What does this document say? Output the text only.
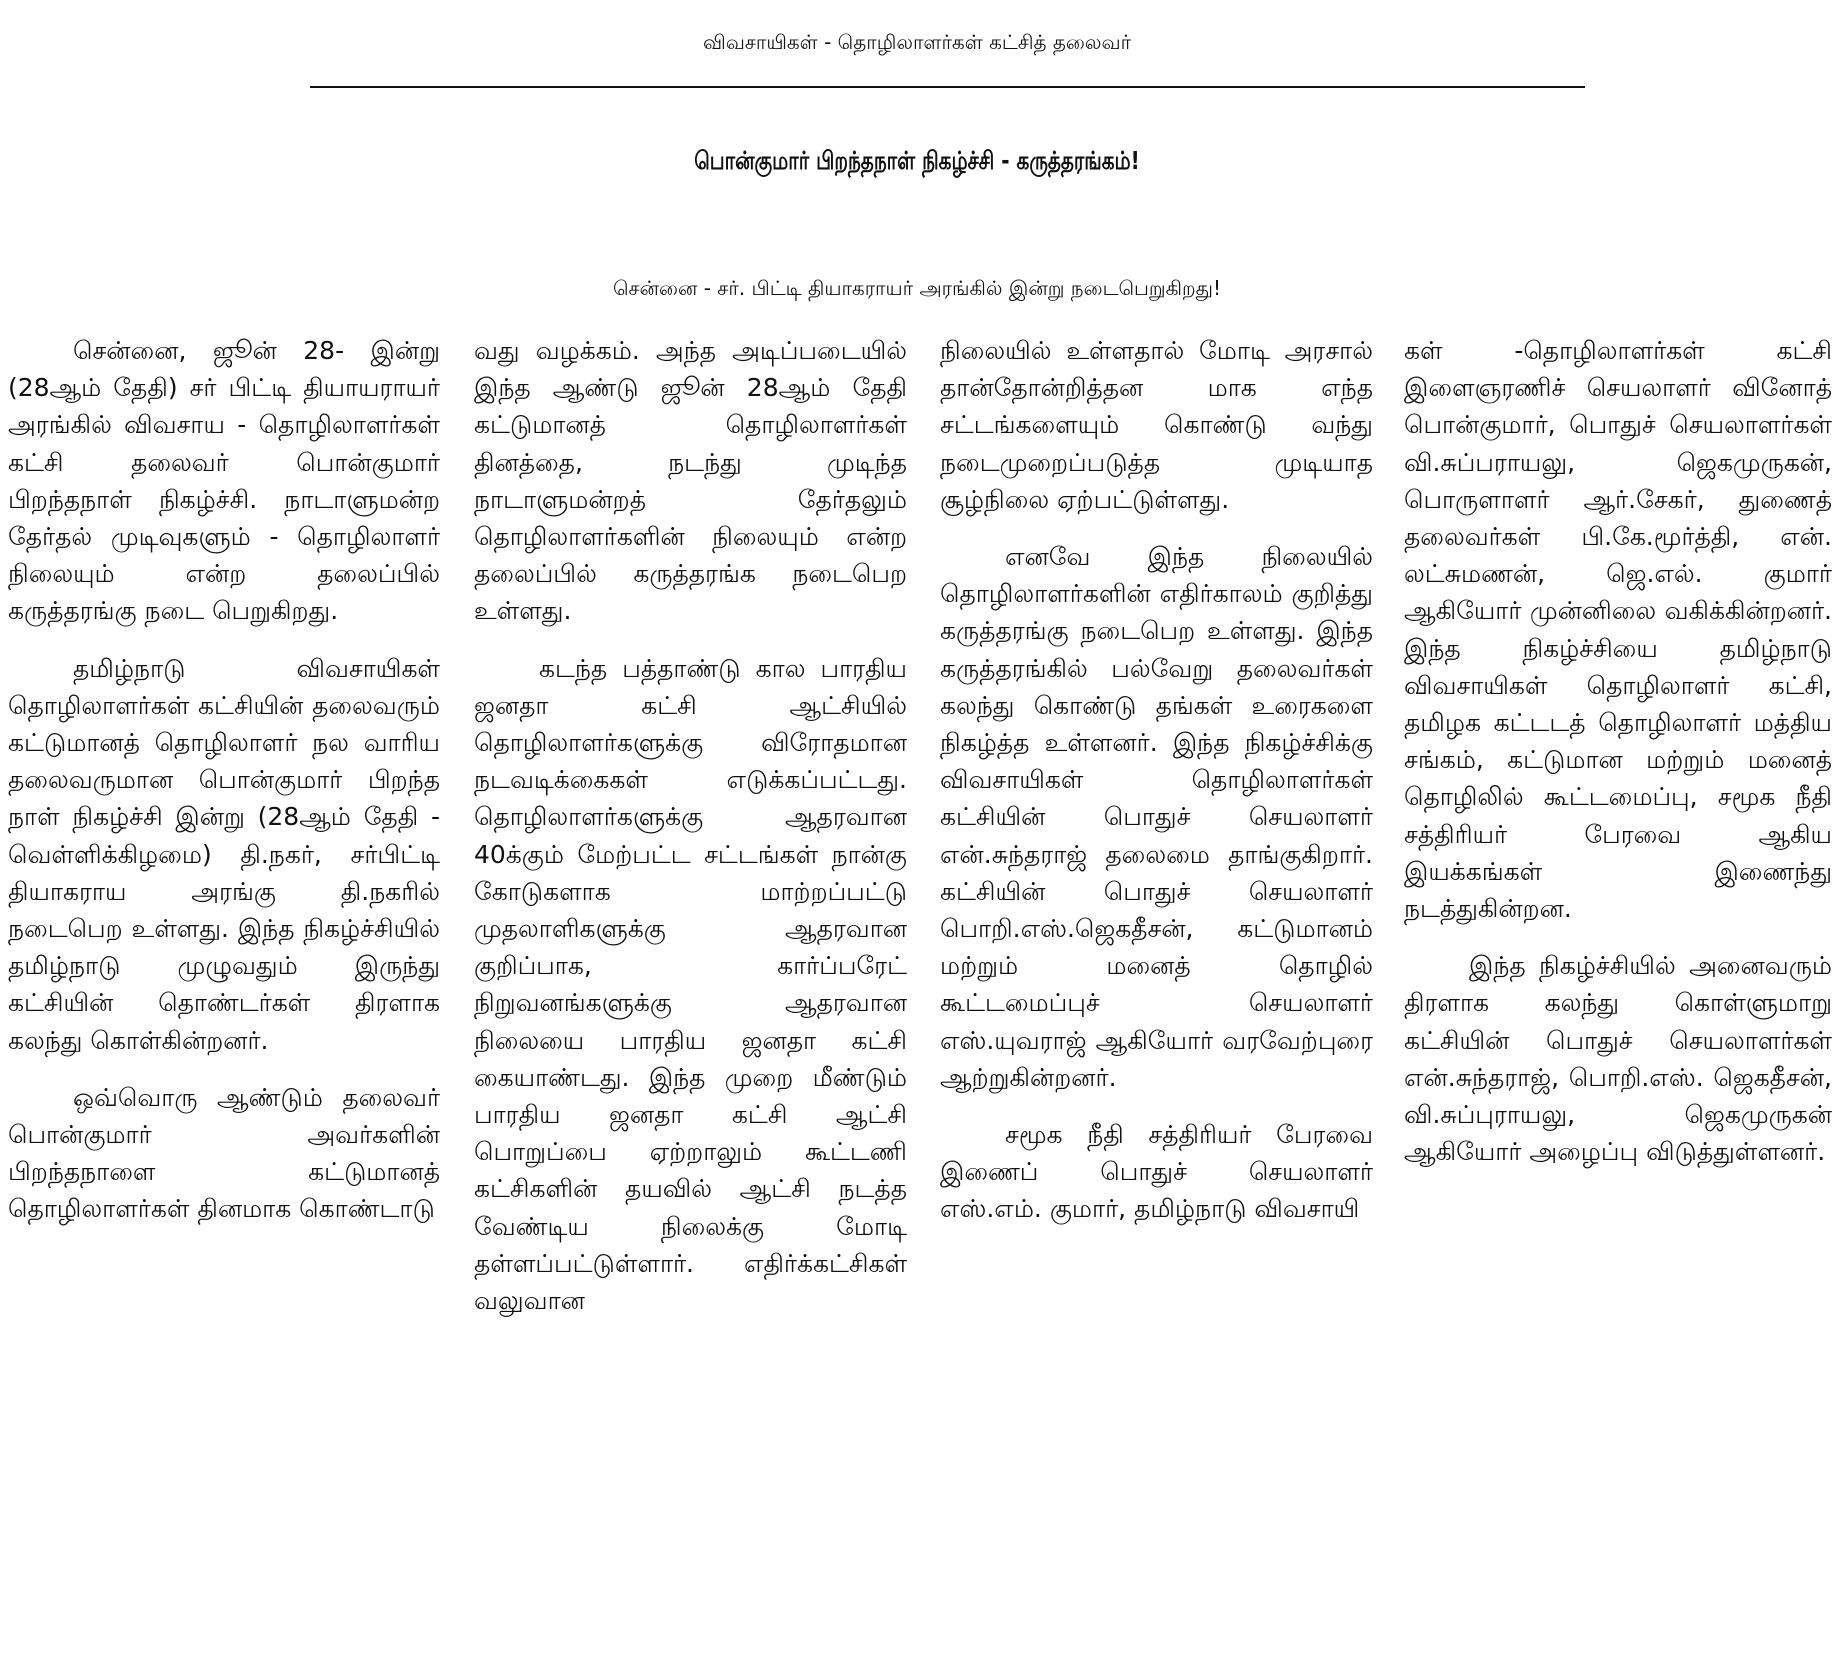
விவசாயிகள் - தொழிலாளர்கள் கட்சித் தலைவர்
பொன்குமார் பிறந்தநாள் நிகழ்ச்சி - கருத்தரங்கம்!
சென்னை - சர். பிட்டி தியாகராயர் அரங்கில் இன்று நடைபெறுகிறது!

சென்னை, ஜூன் 28- இன்று (28ஆம் தேதி) சர் பிட்டி தியாயராயர் அரங்கில் விவசாய - தொழிலாளர்கள் கட்சி தலைவர் பொன்குமார் பிறந்தநாள் நிகழ்ச்சி. நாடாளுமன்ற தேர்தல் முடிவுகளும் - தொழிலாளர் நிலையும் என்ற தலைப்பில் கருத்தரங்கு நடை பெறுகிறது.

தமிழ்நாடு விவசாயிகள் தொழிலாளர்கள் கட்சியின் தலைவரும் கட்டுமானத் தொழிலாளர் நல வாரிய தலைவருமான பொன்குமார் பிறந்த நாள் நிகழ்ச்சி இன்று (28ஆம் தேதி - வெள்ளிக்கிழமை) தி.நகர், சர்பிட்டி தியாகராய அரங்கு தி.நகரில் நடைபெற உள்ளது. இந்த நிகழ்ச்சியில் தமிழ்நாடு முழுவதும் இருந்து கட்சியின் தொண்டர்கள் திரளாக கலந்து கொள்கின்றனர்.

ஒவ்வொரு ஆண்டும் தலைவர் பொன்குமார் அவர்களின் பிறந்தநாளை கட்டுமானத் தொழிலாளர்கள் தினமாக கொண்டாடு

வது வழக்கம். அந்த அடிப்படையில் இந்த ஆண்டு ஜூன் 28ஆம் தேதி கட்டுமானத் தொழிலாளர்கள் தினத்தை, நடந்து முடிந்த நாடாளுமன்றத் தேர்தலும் தொழிலாளர்களின் நிலையும் என்ற தலைப்பில் கருத்தரங்க நடைபெற உள்ளது.

கடந்த பத்தாண்டு கால பாரதிய ஜனதா கட்சி ஆட்சியில் தொழிலாளர்களுக்கு விரோதமான நடவடிக்கைகள் எடுக்கப்பட்டது. தொழிலாளர்களுக்கு ஆதரவான 40க்கும் மேற்பட்ட சட்டங்கள் நான்கு கோடுகளாக மாற்றப்பட்டு முதலாளிகளுக்கு ஆதரவான குறிப்பாக, கார்ப்பரேட் நிறுவனங்களுக்கு ஆதரவான நிலையை பாரதிய ஜனதா கட்சி கையாண்டது. இந்த முறை மீண்டும் பாரதிய ஜனதா கட்சி ஆட்சி பொறுப்பை ஏற்றாலும் கூட்டணி கட்சிகளின் தயவில் ஆட்சி நடத்த வேண்டிய நிலைக்கு மோடி தள்ளப்பட்டுள்ளார். எதிர்க்கட்சிகள் வலுவான

நிலையில் உள்ளதால் மோடி அரசால் தான்தோன்றித்தன மாக எந்த சட்டங்களையும் கொண்டு வந்து நடைமுறைப்படுத்த முடியாத சூழ்நிலை ஏற்பட்டுள்ளது.

எனவே இந்த நிலையில் தொழிலாளர்களின் எதிர்காலம் குறித்து கருத்தரங்கு நடைபெற உள்ளது. இந்த கருத்தரங்கில் பல்வேறு தலைவர்கள் கலந்து கொண்டு தங்கள் உரைகளை நிகழ்த்த உள்ளனர். இந்த நிகழ்ச்சிக்கு விவசாயிகள் தொழிலாளர்கள் கட்சியின் பொதுச் செயலாளர் என்.சுந்தராஜ் தலைமை தாங்குகிறார். கட்சியின் பொதுச் செயலாளர் பொறி.எஸ்.ஜெகதீசன், கட்டுமானம் மற்றும் மனைத் தொழில் கூட்டமைப்புச் செயலாளர் எஸ்.யுவராஜ் ஆகியோர் வரவேற்புரை ஆற்றுகின்றனர்.

சமூக நீதி சத்திரியர் பேரவை இணைப் பொதுச் செயலாளர் எஸ்.எம். குமார், தமிழ்நாடு விவசாயி

கள் -தொழிலாளர்கள் கட்சி இளைஞரணிச் செயலாளர் வினோத் பொன்குமார், பொதுச் செயலாளர்கள் வி.சுப்பராயலு, ஜெகமுருகன், பொருளாளர் ஆர்.சேகர், துணைத் தலைவர்கள் பி.கே.மூர்த்தி, என். லட்சுமணன், ஜெ.எல். குமார் ஆகியோர் முன்னிலை வகிக்கின்றனர். இந்த நிகழ்ச்சியை தமிழ்நாடு விவசாயிகள் தொழிலாளர் கட்சி, தமிழக கட்டடத் தொழிலாளர் மத்திய சங்கம், கட்டுமான மற்றும் மனைத் தொழிலில் கூட்டமைப்பு, சமூக நீதி சத்திரியர் பேரவை ஆகிய இயக்கங்கள் இணைந்து நடத்துகின்றன.

இந்த நிகழ்ச்சியில் அனைவரும் திரளாக கலந்து கொள்ளுமாறு கட்சியின் பொதுச் செயலாளர்கள் என்.சுந்தராஜ், பொறி.எஸ். ஜெகதீசன், வி.சுப்புராயலு, ஜெகமுருகன் ஆகியோர் அழைப்பு விடுத்துள்ளனர்.
